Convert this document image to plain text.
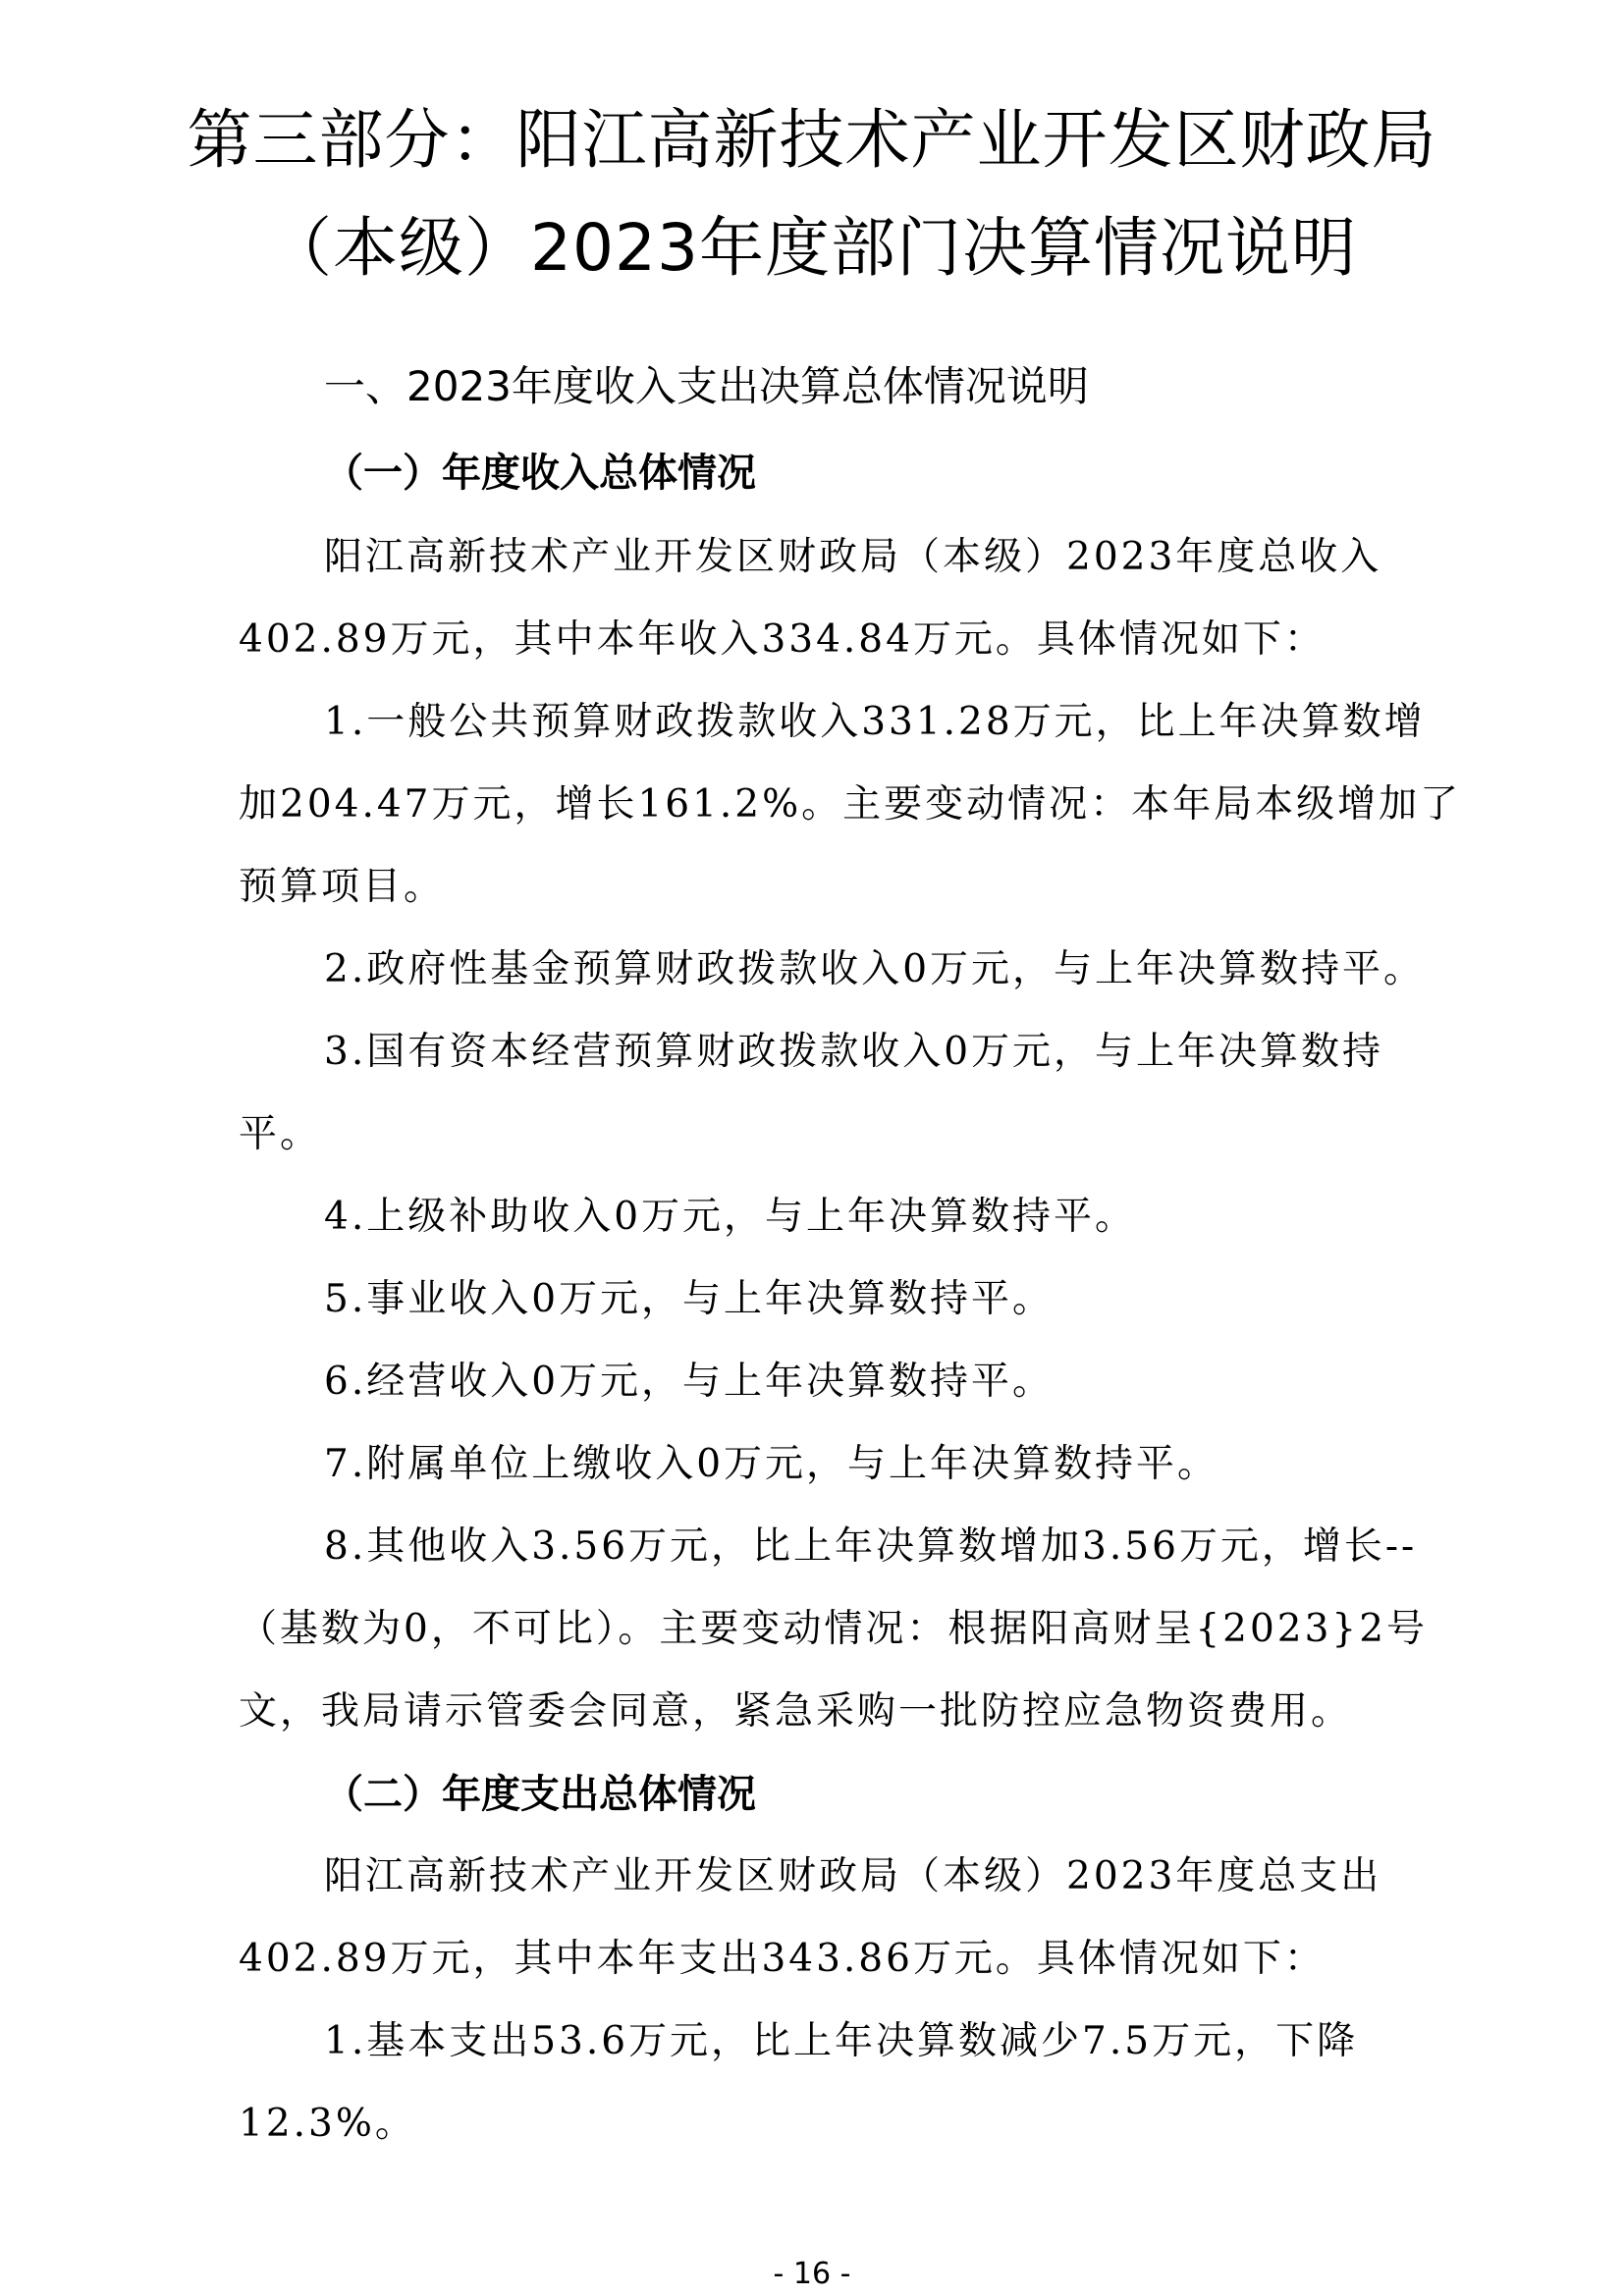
第三部分：阳江高新技术产业开发区财政局
（本级）2023年度部门决算情况说明
一、2023年度收入支出决算总体情况说明
（一）年度收入总体情况
阳江高新技术产业开发区财政局（本级）2023年度总收入
402.89万元，其中本年收入334.84万元。具体情况如下：
1.一般公共预算财政拨款收入331.28万元，比上年决算数增
加204.47万元，增长161.2%。主要变动情况：本年局本级增加了
预算项目。
2.政府性基金预算财政拨款收入0万元，与上年决算数持平。
3.国有资本经营预算财政拨款收入0万元，与上年决算数持
平。
4.上级补助收入0万元，与上年决算数持平。
5.事业收入0万元，与上年决算数持平。
6.经营收入0万元，与上年决算数持平。
7.附属单位上缴收入0万元，与上年决算数持平。
8.其他收入3.56万元，比上年决算数增加3.56万元，增长--
（基数为0，不可比）。主要变动情况：根据阳高财呈{2023}2号
文，我局请示管委会同意，紧急采购一批防控应急物资费用。
（二）年度支出总体情况
阳江高新技术产业开发区财政局（本级）2023年度总支出
402.89万元，其中本年支出343.86万元。具体情况如下：
1.基本支出53.6万元，比上年决算数减少7.5万元，下降
12.3%。
- 16 -
